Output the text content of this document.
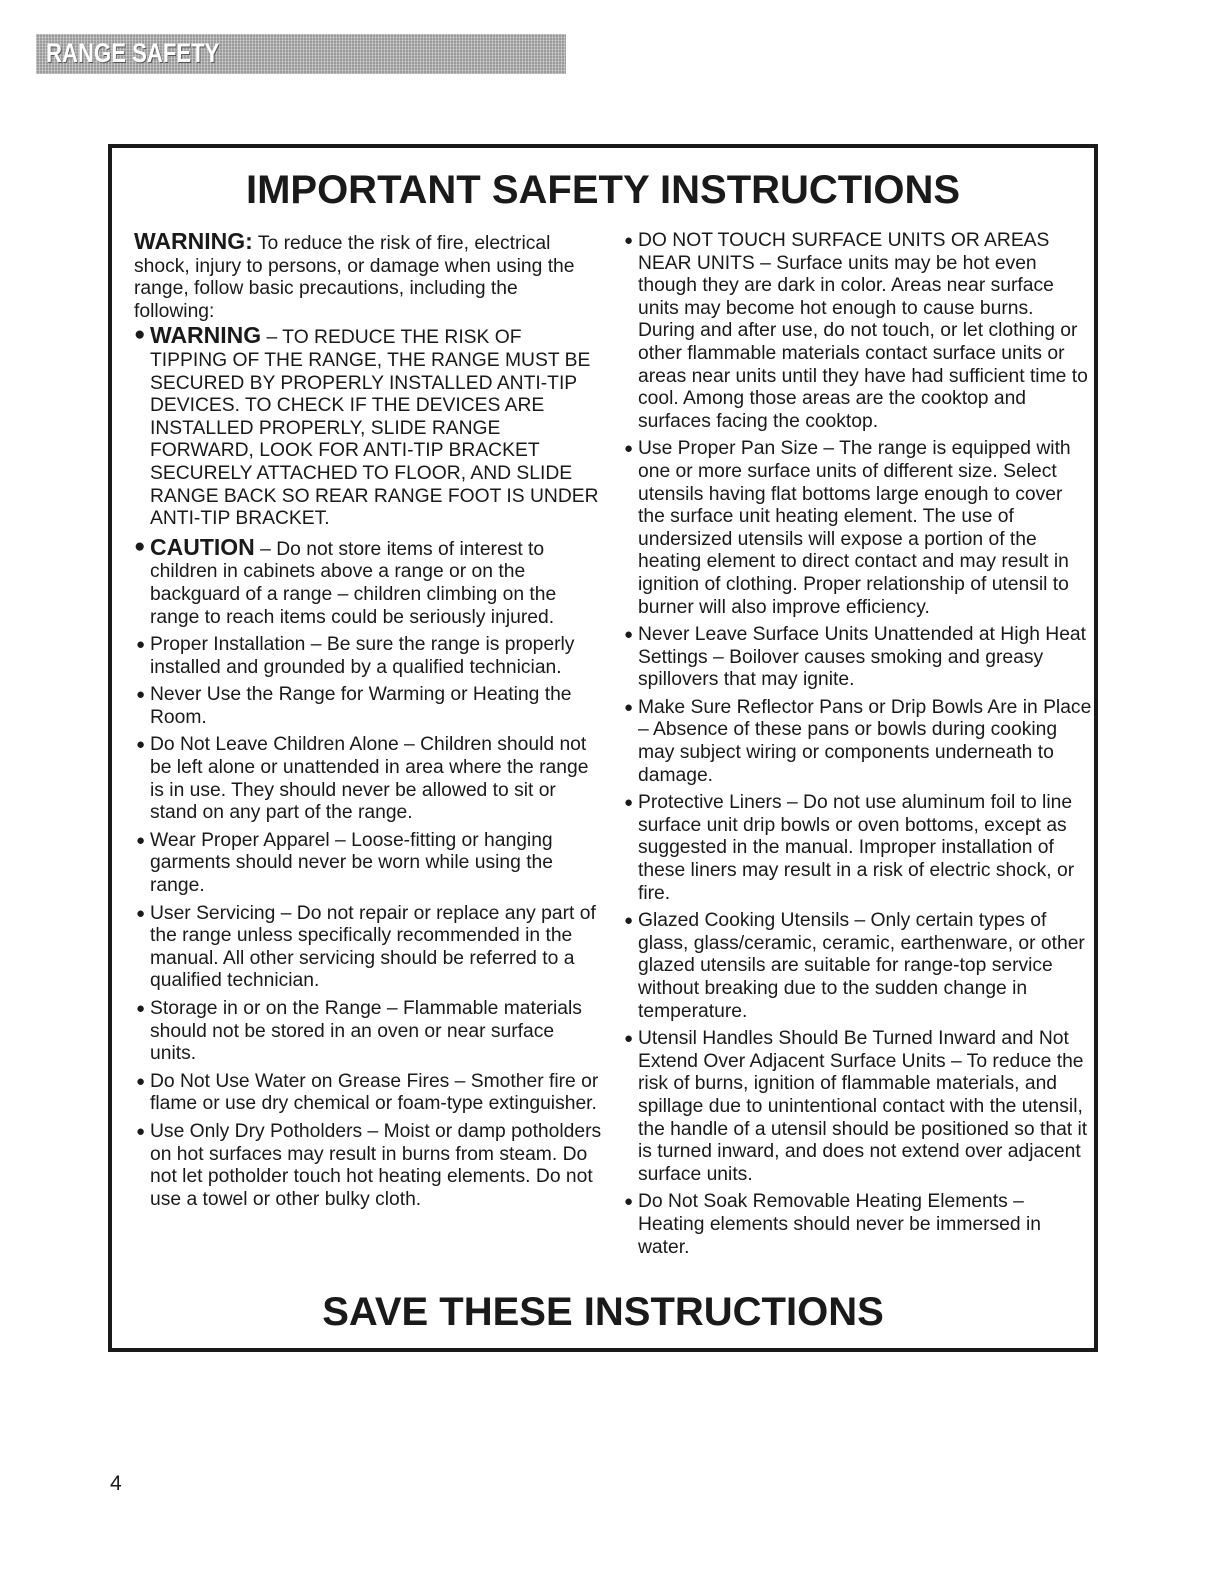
RANGE SAFETY
IMPORTANT SAFETY INSTRUCTIONS

WARNING: To reduce the risk of fire, electrical shock, injury to persons, or damage when using the range, follow basic precautions, including the following:

● WARNING – TO REDUCE THE RISK OF TIPPING OF THE RANGE, THE RANGE MUST BE SECURED BY PROPERLY INSTALLED ANTI-TIP DEVICES. TO CHECK IF THE DEVICES ARE INSTALLED PROPERLY, SLIDE RANGE FORWARD, LOOK FOR ANTI-TIP BRACKET SECURELY ATTACHED TO FLOOR, AND SLIDE RANGE BACK SO REAR RANGE FOOT IS UNDER ANTI-TIP BRACKET.
● CAUTION – Do not store items of interest to children in cabinets above a range or on the backguard of a range – children climbing on the range to reach items could be seriously injured.
● Proper Installation – Be sure the range is properly installed and grounded by a qualified technician.
● Never Use the Range for Warming or Heating the Room.
● Do Not Leave Children Alone – Children should not be left alone or unattended in area where the range is in use. They should never be allowed to sit or stand on any part of the range.
● Wear Proper Apparel – Loose-fitting or hanging garments should never be worn while using the range.
● User Servicing – Do not repair or replace any part of the range unless specifically recommended in the manual. All other servicing should be referred to a qualified technician.
● Storage in or on the Range – Flammable materials should not be stored in an oven or near surface units.
● Do Not Use Water on Grease Fires – Smother fire or flame or use dry chemical or foam-type extinguisher.
● Use Only Dry Potholders – Moist or damp potholders on hot surfaces may result in burns from steam. Do not let potholder touch hot heating elements. Do not use a towel or other bulky cloth.
● DO NOT TOUCH SURFACE UNITS OR AREAS NEAR UNITS – Surface units may be hot even though they are dark in color. Areas near surface units may become hot enough to cause burns. During and after use, do not touch, or let clothing or other flammable materials contact surface units or areas near units until they have had sufficient time to cool. Among those areas are the cooktop and surfaces facing the cooktop.
● Use Proper Pan Size – The range is equipped with one or more surface units of different size. Select utensils having flat bottoms large enough to cover the surface unit heating element. The use of undersized utensils will expose a portion of the heating element to direct contact and may result in ignition of clothing. Proper relationship of utensil to burner will also improve efficiency.
● Never Leave Surface Units Unattended at High Heat Settings – Boilover causes smoking and greasy spillovers that may ignite.
● Make Sure Reflector Pans or Drip Bowls Are in Place – Absence of these pans or bowls during cooking may subject wiring or components underneath to damage.
● Protective Liners – Do not use aluminum foil to line surface unit drip bowls or oven bottoms, except as suggested in the manual. Improper installation of these liners may result in a risk of electric shock, or fire.
● Glazed Cooking Utensils – Only certain types of glass, glass/ceramic, ceramic, earthenware, or other glazed utensils are suitable for range-top service without breaking due to the sudden change in temperature.
● Utensil Handles Should Be Turned Inward and Not Extend Over Adjacent Surface Units – To reduce the risk of burns, ignition of flammable materials, and spillage due to unintentional contact with the utensil, the handle of a utensil should be positioned so that it is turned inward, and does not extend over adjacent surface units.
● Do Not Soak Removable Heating Elements – Heating elements should never be immersed in water.
SAVE THESE INSTRUCTIONS
4
